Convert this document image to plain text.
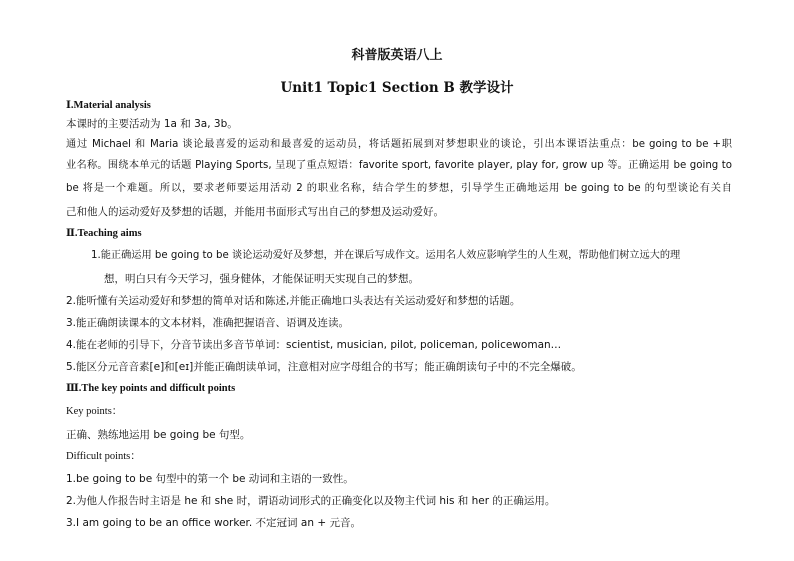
科普版英语八上
Unit1 Topic1 Section B 教学设计
Ⅰ.Material analysis
本课时的主要活动为 1a 和 3a, 3b。
通过 Michael 和 Maria 谈论最喜爱的运动和最喜爱的运动员，将话题拓展到对梦想职业的谈论，引出本课语法重点：be going to be +职
业名称。围绕本单元的话题 Playing Sports, 呈现了重点短语：favorite sport, favorite player, play for, grow up 等。正确运用 be going to
be 将是一个难题。所以，要求老师要运用活动 2 的职业名称，结合学生的梦想，引导学生正确地运用 be going to be 的句型谈论有关自
己和他人的运动爱好及梦想的话题，并能用书面形式写出自己的梦想及运动爱好。
Ⅱ.Teaching aims
1.能正确运用 be going to be 谈论运动爱好及梦想，并在课后写成作文。运用名人效应影响学生的人生观，帮助他们树立远大的理
想，明白只有今天学习，强身健体，才能保证明天实现自己的梦想。
2.能听懂有关运动爱好和梦想的简单对话和陈述,并能正确地口头表达有关运动爱好和梦想的话题。
3.能正确朗读课本的文本材料，准确把握语音、语调及连读。
4.能在老师的引导下，分音节读出多音节单词：scientist, musician, pilot, policeman, policewoman…
5.能区分元音音素[e]和[eɪ]并能正确朗读单词，注意相对应字母组合的书写；能正确朗读句子中的不完全爆破。
Ⅲ.The key points and difficult points
Key points：
正确、熟练地运用 be going be 句型。
Difficult points：
1.be going to be 句型中的第一个 be 动词和主语的一致性。
2.为他人作报告时主语是 he 和 she 时，谓语动词形式的正确变化以及物主代词 his 和 her 的正确运用。
3.I am going to be an office worker. 不定冠词 an + 元音。
